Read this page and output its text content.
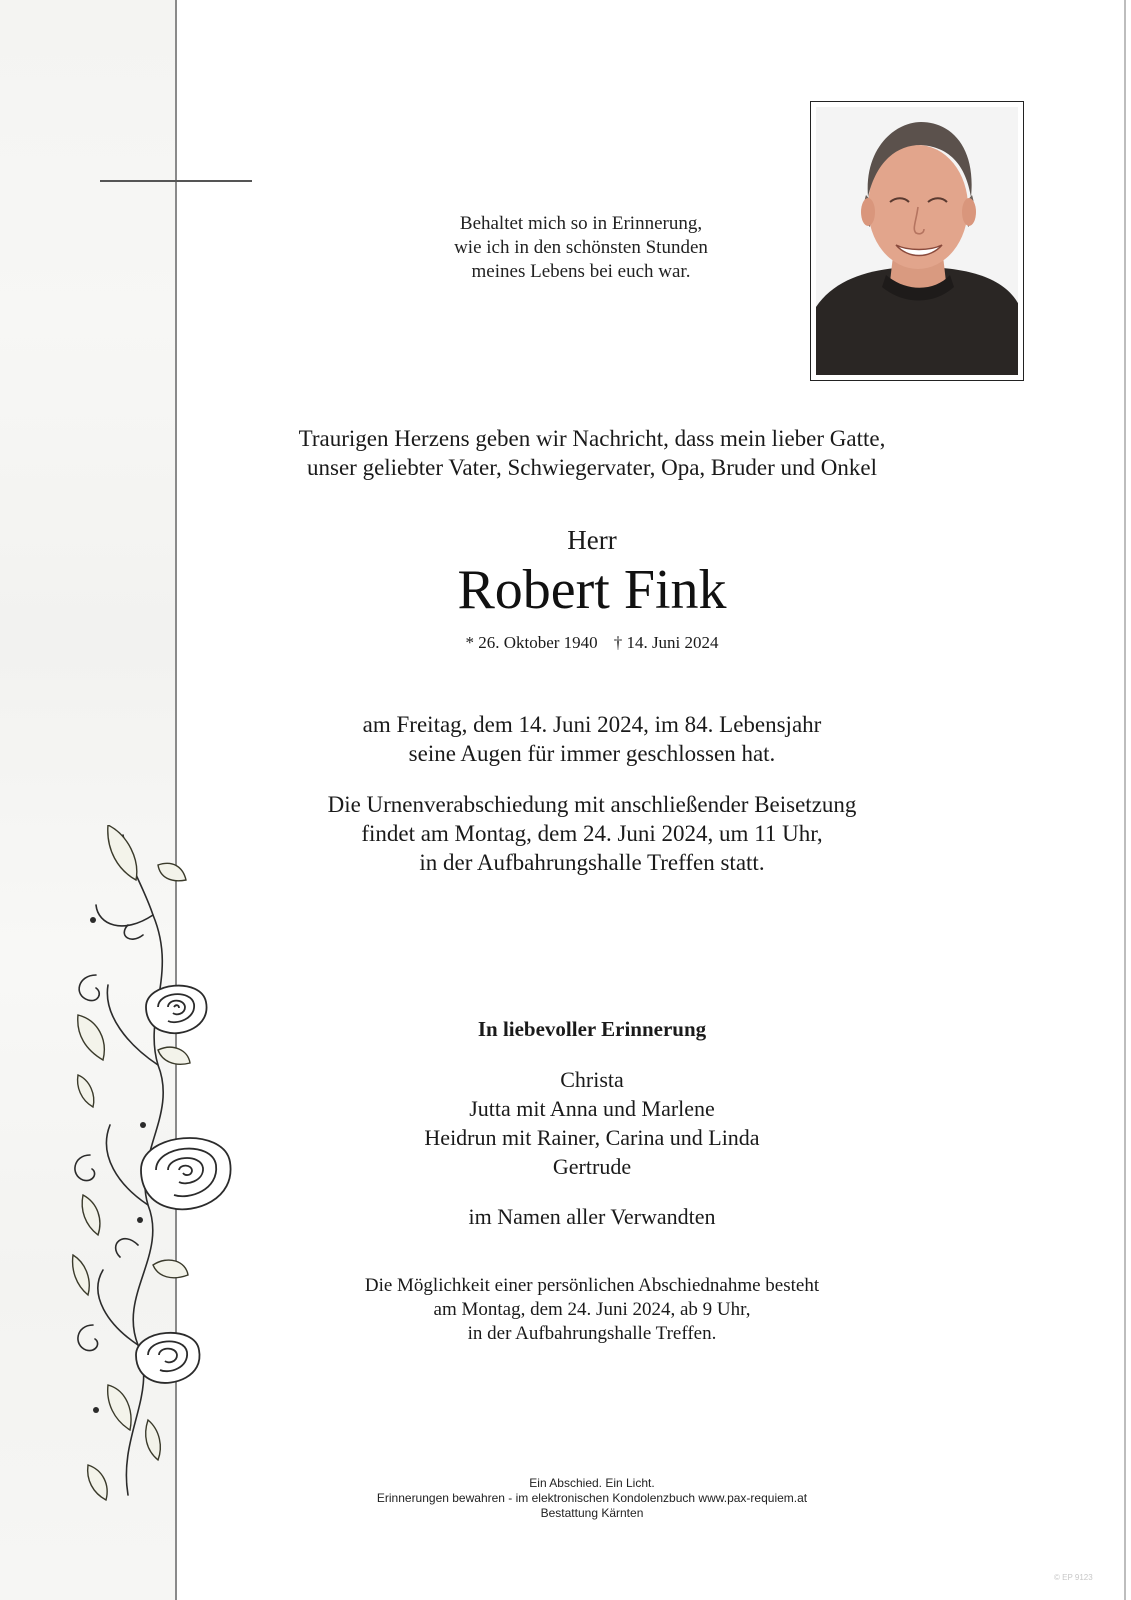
Behaltet mich so in Erinnerung,
wie ich in den schönsten Stunden
meines Lebens bei euch war.

Traurigen Herzens geben wir Nachricht, dass mein lieber Gatte,
unser geliebter Vater, Schwiegervater, Opa, Bruder und Onkel

Herr

Robert Fink

* 26. Oktober 1940 † 14. Juni 2024

am Freitag, dem 14. Juni 2024, im 84. Lebensjahr
seine Augen für immer geschlossen hat.

Die Urnenverabschiedung mit anschließender Beisetzung
findet am Montag, dem 24. Juni 2024, um 11 Uhr,
in der Aufbahrungshalle Treffen statt.

In liebevoller Erinnerung

Christa
Jutta mit Anna und Marlene
Heidrun mit Rainer, Carina und Linda
Gertrude

im Namen aller Verwandten

Die Möglichkeit einer persönlichen Abschiednahme besteht
am Montag, dem 24. Juni 2024, ab 9 Uhr,
in der Aufbahrungshalle Treffen.

Ein Abschied. Ein Licht.
Erinnerungen bewahren - im elektronischen Kondolenzbuch www.pax-requiem.at
Bestattung Kärnten
© EP 9123
